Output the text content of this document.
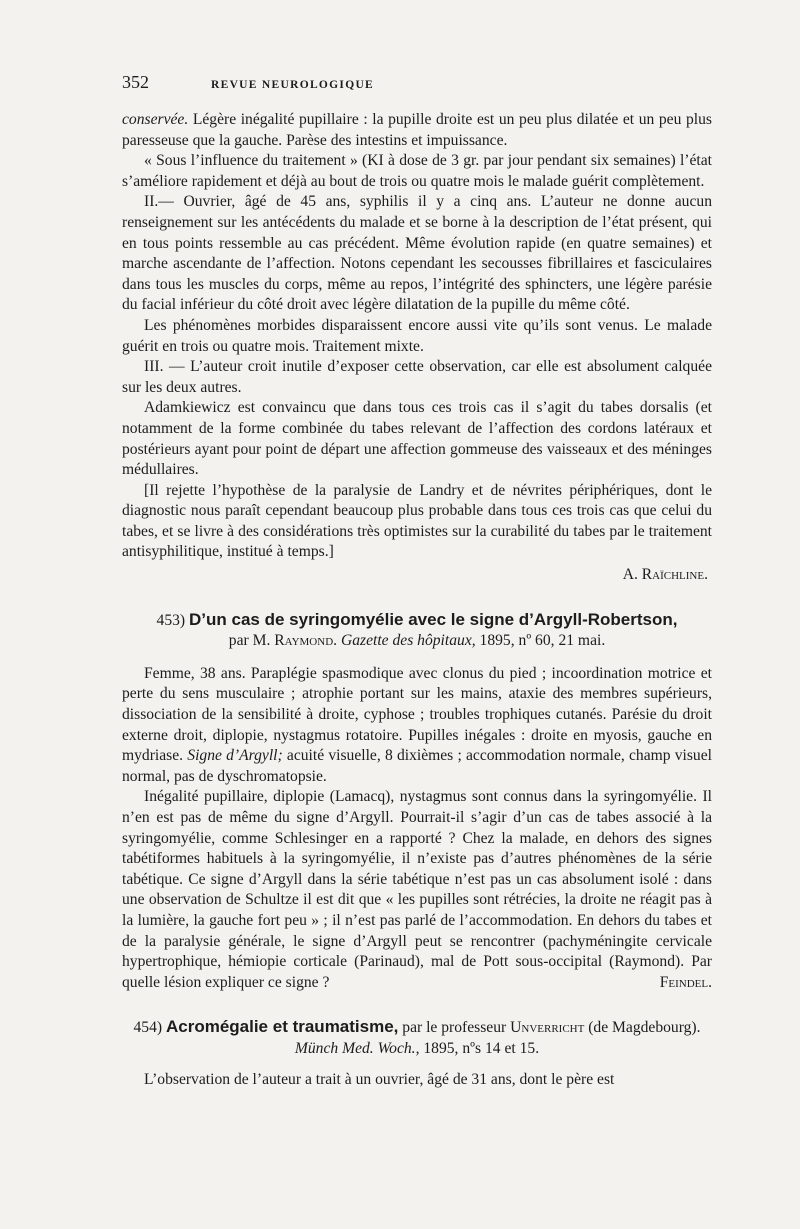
352	REVUE NEUROLOGIQUE

conservée. Légère inégalité pupillaire : la pupille droite est un peu plus dilatée et un peu plus paresseuse que la gauche. Parèse des intestins et impuissance.

« Sous l’influence du traitement » (KI à dose de 3 gr. par jour pendant six semaines) l’état s’améliore rapidement et déjà au bout de trois ou quatre mois le malade guérit complètement.

II.— Ouvrier, âgé de 45 ans, syphilis il y a cinq ans. L’auteur ne donne aucun renseignement sur les antécédents du malade et se borne à la description de l’état présent, qui en tous points ressemble au cas précédent. Même évolution rapide (en quatre semaines) et marche ascendante de l’affection. Notons cependant les secousses fibrillaires et fasciculaires dans tous les muscles du corps, même au repos, l’intégrité des sphincters, une légère parésie du facial inférieur du côté droit avec légère dilatation de la pupille du même côté.

Les phénomènes morbides disparaissent encore aussi vite qu’ils sont venus. Le malade guérit en trois ou quatre mois. Traitement mixte.

III. — L’auteur croit inutile d’exposer cette observation, car elle est absolument calquée sur les deux autres.

Adamkiewicz est convaincu que dans tous ces trois cas il s’agit du tabes dorsalis (et notamment de la forme combinée du tabes relevant de l’affection des cordons latéraux et postérieurs ayant pour point de départ une affection gommeuse des vaisseaux et des méninges médullaires.

[Il rejette l’hypothèse de la paralysie de Landry et de névrites périphériques, dont le diagnostic nous paraît cependant beaucoup plus probable dans tous ces trois cas que celui du tabes, et se livre à des considérations très optimistes sur la curabilité du tabes par le traitement antisyphilitique, institué à temps.]

A. Raïchline.

453) D’un cas de syringomyélie avec le signe d’Argyll-Robertson,
par M. Raymond. Gazette des hôpitaux, 1895, nº 60, 21 mai.

Femme, 38 ans. Paraplégie spasmodique avec clonus du pied ; incoordination motrice et perte du sens musculaire ; atrophie portant sur les mains, ataxie des membres supérieurs, dissociation de la sensibilité à droite, cyphose ; troubles trophiques cutanés. Parésie du droit externe droit, diplopie, nystagmus rotatoire. Pupilles inégales : droite en myosis, gauche en mydriase. Signe d’Argyll; acuité visuelle, 8 dixièmes ; accommodation normale, champ visuel normal, pas de dyschromatopsie.

Inégalité pupillaire, diplopie (Lamacq), nystagmus sont connus dans la syringomyélie. Il n’en est pas de même du signe d’Argyll. Pourrait-il s’agir d’un cas de tabes associé à la syringomyélie, comme Schlesinger en a rapporté ? Chez la malade, en dehors des signes tabétiformes habituels à la syringomyélie, il n’existe pas d’autres phénomènes de la série tabétique. Ce signe d’Argyll dans la série tabétique n’est pas un cas absolument isolé : dans une observation de Schultze il est dit que « les pupilles sont rétrécies, la droite ne réagit pas à la lumière, la gauche fort peu » ; il n’est pas parlé de l’accommodation. En dehors du tabes et de la paralysie générale, le signe d’Argyll peut se rencontrer (pachyméningite cervicale hypertrophique, hémiopie corticale (Parinaud), mal de Pott sous-occipital (Raymond). Par quelle lésion expliquer ce signe ?	Feindel.

454) Acromégalie et traumatisme, par le professeur Unverricht (de Magdebourg). Münch Med. Woch., 1895, nºs 14 et 15.

L’observation de l’auteur a trait à un ouvrier, âgé de 31 ans, dont le père est
